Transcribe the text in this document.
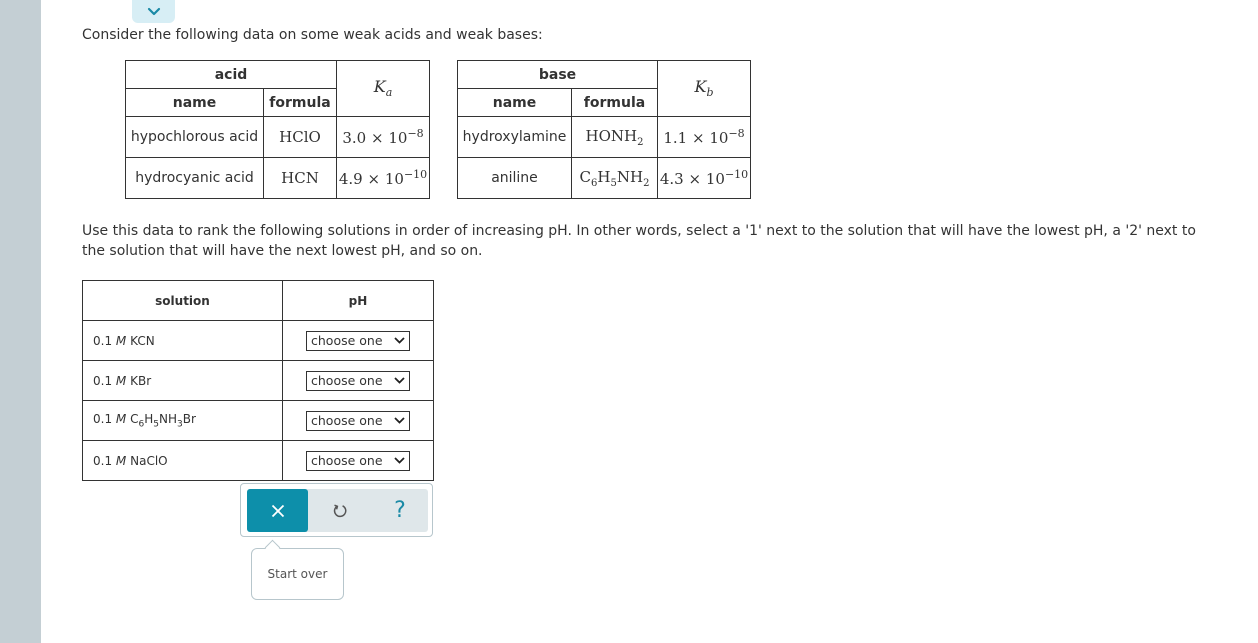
Consider the following data on some weak acids and weak bases:
acid		$K_a$
name	formula	
hypochlorous acid	HClO	$3.0 \times 10^{-8}$
hydrocyanic acid	HCN	$4.9 \times 10^{-10}$
base		$K_b$
name	formula	
hydroxylamine	$HONH_2$	$1.1 \times 10^{-8}$
aniline	$C_6H_5NH_2$	$4.3 \times 10^{-10}$
Use this data to rank the following solutions in order of increasing pH. In other words, select a '1' next to the solution that will have the lowest pH, a '2' next to the solution that will have the next lowest pH, and so on.
solution	pH
0.1 M KCN	choose one

0.1 M KBr	choose one

0.1 M $C_6H_5NH_3Br$	choose one

0.1 M NaClO	choose one
?
Start over
